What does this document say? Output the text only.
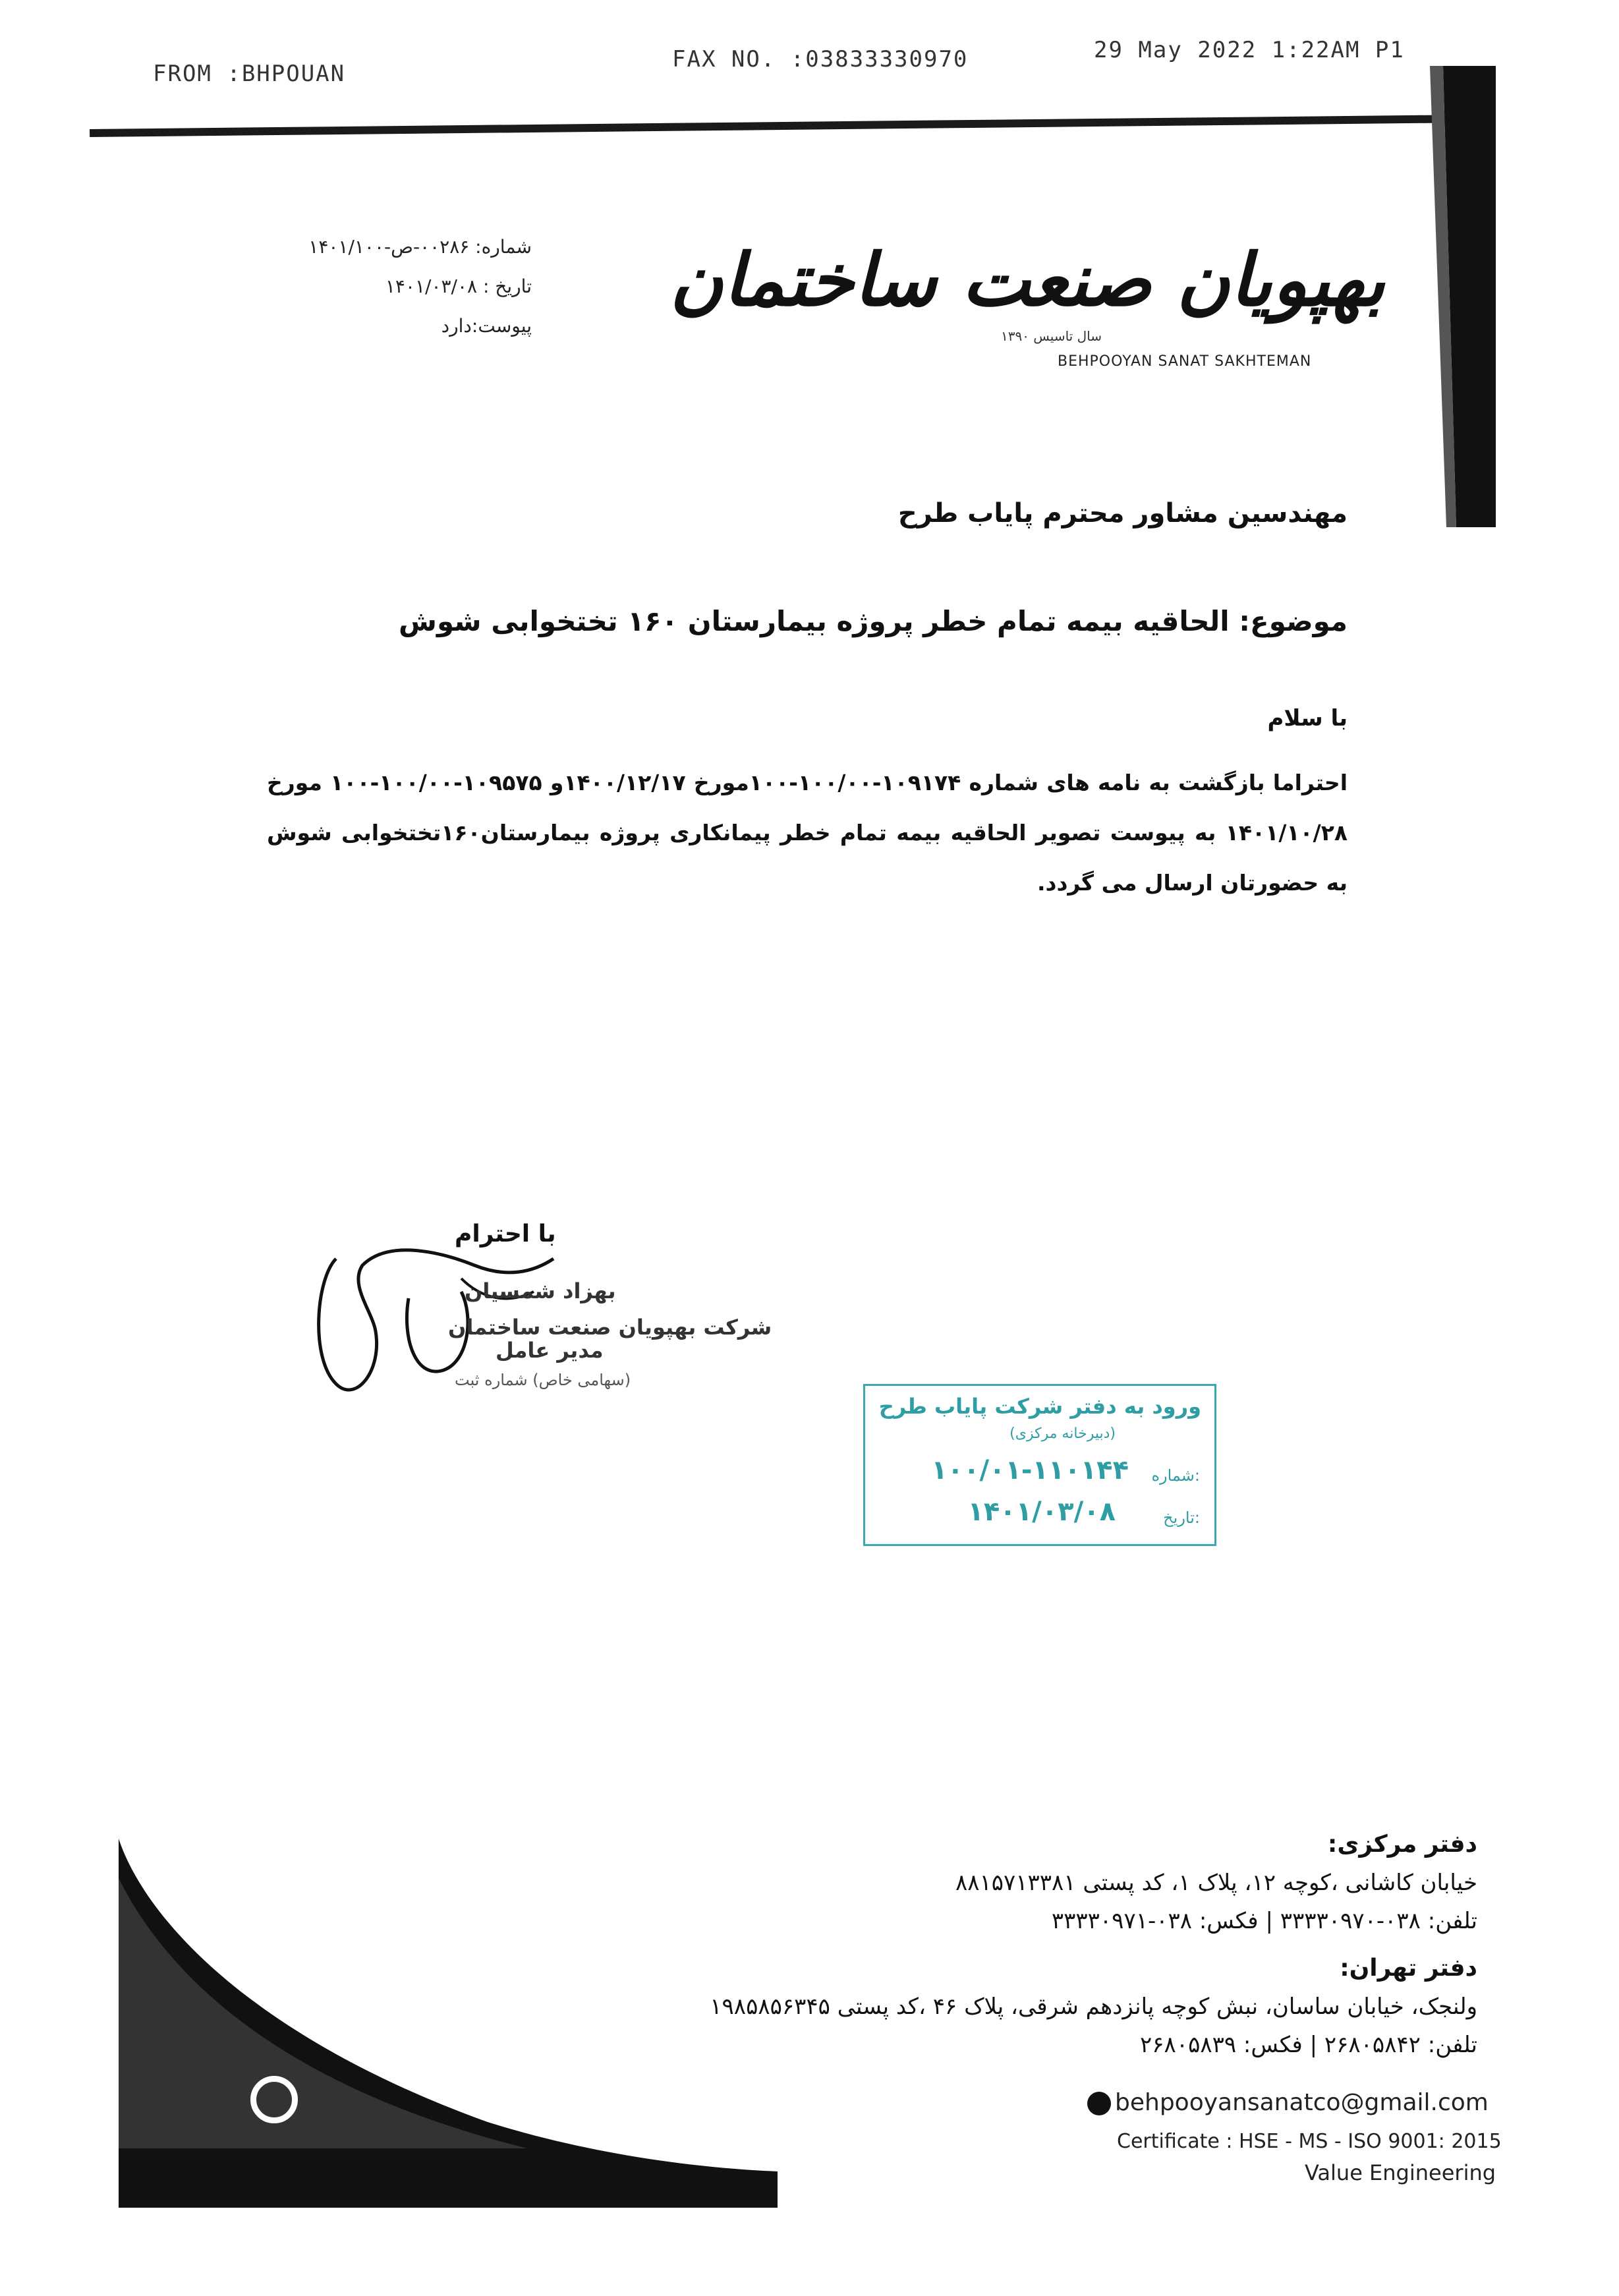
FROM :BHPOUAN
FAX NO. :03833330970	29 May 2022 1:22AM P1
بهپویان صنعت ساختمان
سال تاسیس ۱۳۹۰
BEHPOOYAN SANAT SAKHTEMAN
شماره: ۰۰۲۸۶-ص-۱۴۰۱/۱۰۰
تاریخ : ۱۴۰۱/۰۳/۰۸
پیوست:دارد
مهندسین مشاور محترم پایاب طرح
موضوع: الحاقیه بیمه تمام خطر پروژه بیمارستان ۱۶۰ تختخوابی شوش
با سلام
احتراما بازگشت به نامه های شماره ۱۰۹۱۷۴-۱۰۰/۰۰-۱۰۰مورخ ۱۴۰۰/۱۲/۱۷و ۱۰۹۵۷۵-۱۰۰/۰۰-۱۰۰ مورخ ۱۴۰۱/۱۰/۲۸ به پیوست تصویر الحاقیه بیمه تمام خطر پیمانکاری پروژه بیمارستان۱۶۰تختخوابی شوش به حضورتان ارسال می گردد.
با احترام
بهزاد شمسیان
شرکت بهپویان صنعت ساختمان
مدیر عامل
(سهامی خاص) شماره ثبت
ورود به دفتر شرکت پایاب طرح
(دبیرخانه مرکزی)
شماره:
۱۰۰/۰۱-۱۱۰۱۴۴
تاریخ:
۱۴۰۱/۰۳/۰۸
دفتر مرکزی:
خیابان کاشانی ،کوچه ۱۲، پلاک ۱، کد پستی ۸۸۱۵۷۱۳۳۸۱
تلفن: ۰۳۸-۳۳۳۳۰۹۷۰ | فکس: ۰۳۸-۳۳۳۳۰۹۷۱
دفتر تهران:
ولنجک، خیابان ساسان، نبش کوچه پانزدهم شرقی، پلاک ۴۶ ،کد پستی ۱۹۸۵۸۵۶۳۴۵
تلفن: ۲۶۸۰۵۸۴۲ | فکس: ۲۶۸۰۵۸۳۹
behpooyansanatco@gmail.com
Certificate : HSE - MS - ISO 9001: 2015
Value Engineering
